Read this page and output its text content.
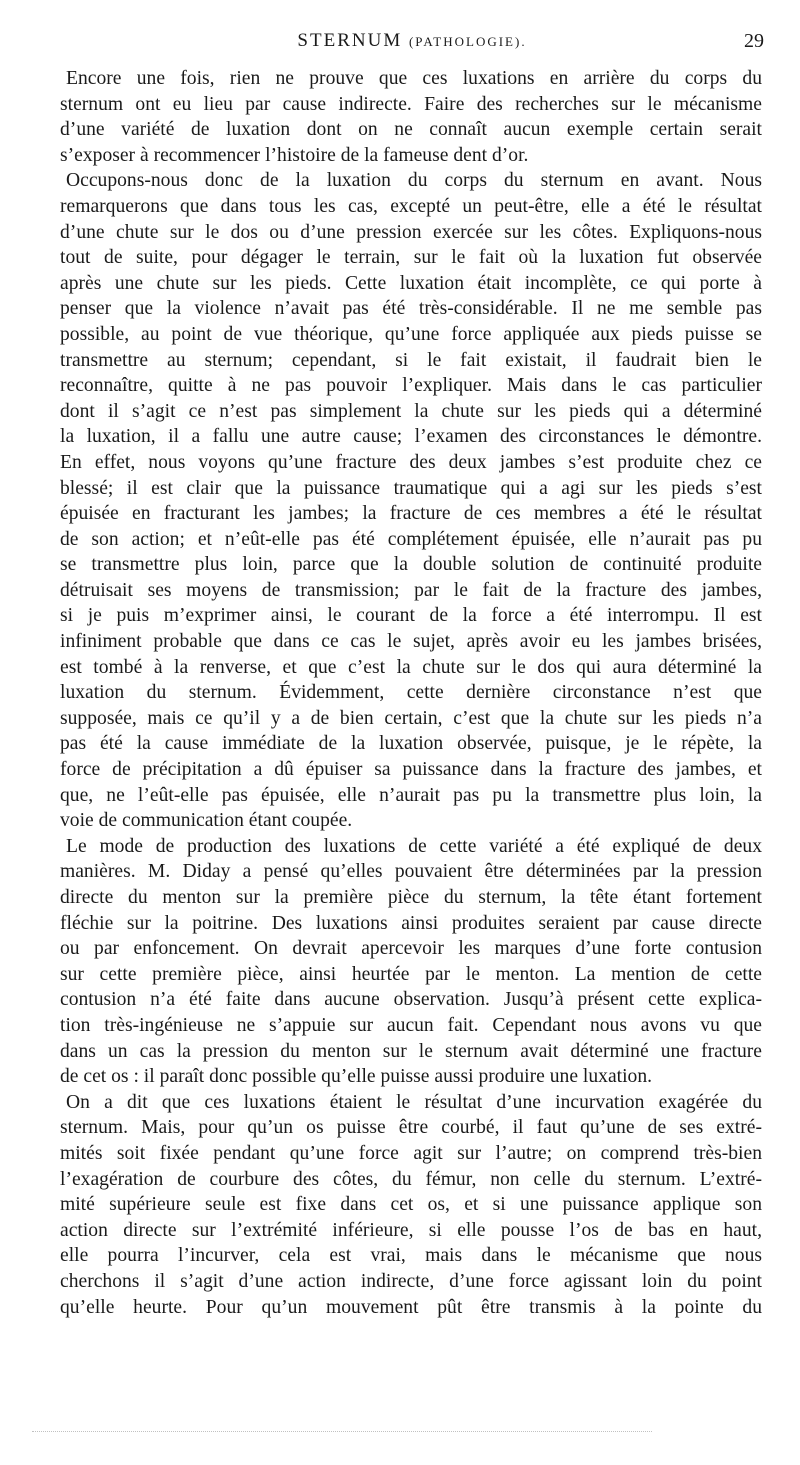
STERNUM (PATHOLOGIE).	29
Encore une fois, rien ne prouve que ces luxations en arrière du corps du
sternum ont eu lieu par cause indirecte. Faire des recherches sur le mécanisme
d’une variété de luxation dont on ne connaît aucun exemple certain serait
s’exposer à recommencer l’histoire de la fameuse dent d’or.
Occupons-nous donc de la luxation du corps du sternum en avant. Nous
remarquerons que dans tous les cas, excepté un peut-être, elle a été le résultat
d’une chute sur le dos ou d’une pression exercée sur les côtes. Expliquons-nous
tout de suite, pour dégager le terrain, sur le fait où la luxation fut observée
après une chute sur les pieds. Cette luxation était incomplète, ce qui porte à
penser que la violence n’avait pas été très-considérable. Il ne me semble pas
possible, au point de vue théorique, qu’une force appliquée aux pieds puisse se
transmettre au sternum; cependant, si le fait existait, il faudrait bien le
reconnaître, quitte à ne pas pouvoir l’expliquer. Mais dans le cas particulier
dont il s’agit ce n’est pas simplement la chute sur les pieds qui a déterminé
la luxation, il a fallu une autre cause; l’examen des circonstances le démontre.
En effet, nous voyons qu’une fracture des deux jambes s’est produite chez ce
blessé; il est clair que la puissance traumatique qui a agi sur les pieds s’est
épuisée en fracturant les jambes; la fracture de ces membres a été le résultat
de son action; et n’eût-elle pas été complétement épuisée, elle n’aurait pas pu
se transmettre plus loin, parce que la double solution de continuité produite
détruisait ses moyens de transmission; par le fait de la fracture des jambes,
si je puis m’exprimer ainsi, le courant de la force a été interrompu. Il est
infiniment probable que dans ce cas le sujet, après avoir eu les jambes brisées,
est tombé à la renverse, et que c’est la chute sur le dos qui aura déterminé la
luxation du sternum. Évidemment, cette dernière circonstance n’est que
supposée, mais ce qu’il y a de bien certain, c’est que la chute sur les pieds n’a
pas été la cause immédiate de la luxation observée, puisque, je le répète, la
force de précipitation a dû épuiser sa puissance dans la fracture des jambes, et
que, ne l’eût-elle pas épuisée, elle n’aurait pas pu la transmettre plus loin, la
voie de communication étant coupée.
Le mode de production des luxations de cette variété a été expliqué de deux
manières. M. Diday a pensé qu’elles pouvaient être déterminées par la pression
directe du menton sur la première pièce du sternum, la tête étant fortement
fléchie sur la poitrine. Des luxations ainsi produites seraient par cause directe
ou par enfoncement. On devrait apercevoir les marques d’une forte contusion
sur cette première pièce, ainsi heurtée par le menton. La mention de cette
contusion n’a été faite dans aucune observation. Jusqu’à présent cette explica-
tion très-ingénieuse ne s’appuie sur aucun fait. Cependant nous avons vu que
dans un cas la pression du menton sur le sternum avait déterminé une fracture
de cet os : il paraît donc possible qu’elle puisse aussi produire une luxation.
On a dit que ces luxations étaient le résultat d’une incurvation exagérée du
sternum. Mais, pour qu’un os puisse être courbé, il faut qu’une de ses extré-
mités soit fixée pendant qu’une force agit sur l’autre; on comprend très-bien
l’exagération de courbure des côtes, du fémur, non celle du sternum. L’extré-
mité supérieure seule est fixe dans cet os, et si une puissance applique son
action directe sur l’extrémité inférieure, si elle pousse l’os de bas en haut,
elle pourra l’incurver, cela est vrai, mais dans le mécanisme que nous
cherchons il s’agit d’une action indirecte, d’une force agissant loin du point
qu’elle heurte. Pour qu’un mouvement pût être transmis à la pointe du
